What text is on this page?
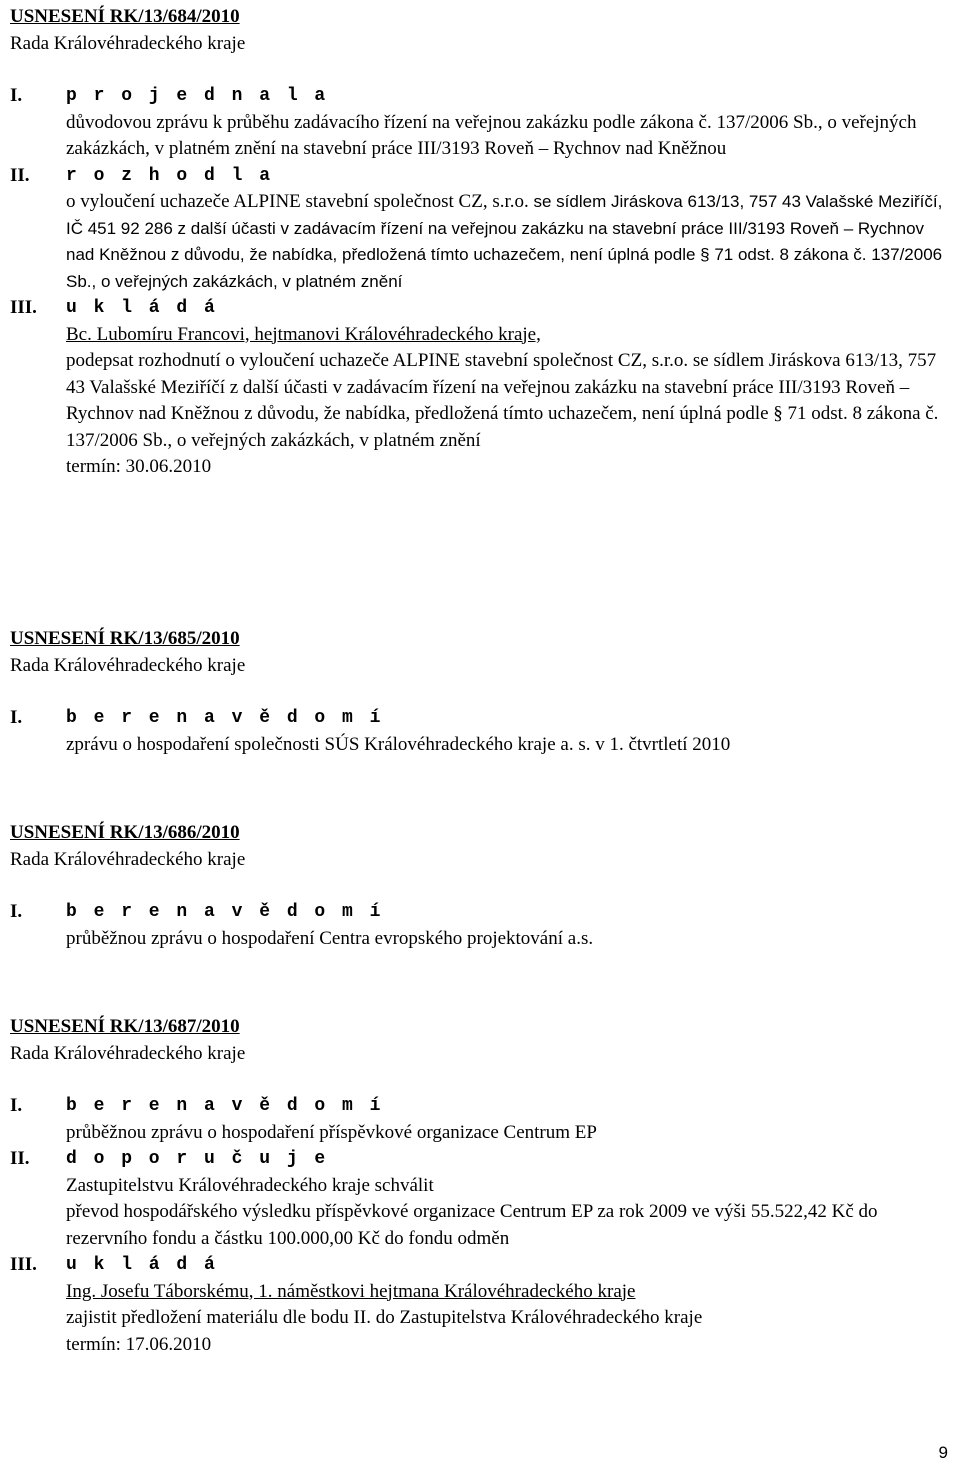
USNESENÍ RK/13/684/2010
Rada Královéhradeckého kraje
I.	p r o j e d n a l a

důvodovou zprávu k průběhu zadávacího řízení na veřejnou zakázku podle zákona č. 137/2006 Sb., o veřejných zakázkách, v platném znění na stavební práce III/3193 Roveň – Rychnov nad Kněžnou

II.	r o z h o d l a

o vyloučení uchazeče ALPINE stavební společnost CZ, s.r.o. se sídlem Jiráskova 613/13, 757 43 Valašské Meziříčí, IČ 451 92 286 z další účasti v zadávacím řízení na veřejnou zakázku na stavební práce III/3193 Roveň – Rychnov nad Kněžnou z důvodu, že nabídka, předložená tímto uchazečem, není úplná podle § 71 odst. 8 zákona č. 137/2006 Sb., o veřejných zakázkách, v platném znění

III.	u k l á d á

Bc. Lubomíru Francovi, hejtmanovi Královéhradeckého kraje,

podepsat rozhodnutí o vyloučení uchazeče ALPINE stavební společnost CZ, s.r.o. se sídlem Jiráskova 613/13, 757 43 Valašské Meziříčí z další účasti v zadávacím řízení na veřejnou zakázku na stavební práce III/3193 Roveň – Rychnov nad Kněžnou z důvodu, že nabídka, předložená tímto uchazečem, není úplná podle § 71 odst. 8 zákona č. 137/2006 Sb., o veřejných zakázkách, v platném znění

termín: 30.06.2010

USNESENÍ RK/13/685/2010
Rada Královéhradeckého kraje
I.	b e r e n a v ě d o m í

zprávu o hospodaření společnosti SÚS Královéhradeckého kraje a. s. v 1. čtvrtletí 2010

USNESENÍ RK/13/686/2010
Rada Královéhradeckého kraje
I.	b e r e n a v ě d o m í

průběžnou zprávu o hospodaření Centra evropského projektování a.s.

USNESENÍ RK/13/687/2010
Rada Královéhradeckého kraje
I.	b e r e n a v ě d o m í

průběžnou zprávu o hospodaření příspěvkové organizace Centrum EP

II.	d o p o r u č u j e

Zastupitelstvu Královéhradeckého kraje schválit

převod hospodářského výsledku příspěvkové organizace Centrum EP za rok 2009 ve výši 55.522,42 Kč do rezervního fondu a částku 100.000,00 Kč do fondu odměn

III.	u k l á d á

Ing. Josefu Táborskému, 1. náměstkovi hejtmana Královéhradeckého kraje

zajistit předložení materiálu dle bodu II. do Zastupitelstva Královéhradeckého kraje

termín: 17.06.2010

9
